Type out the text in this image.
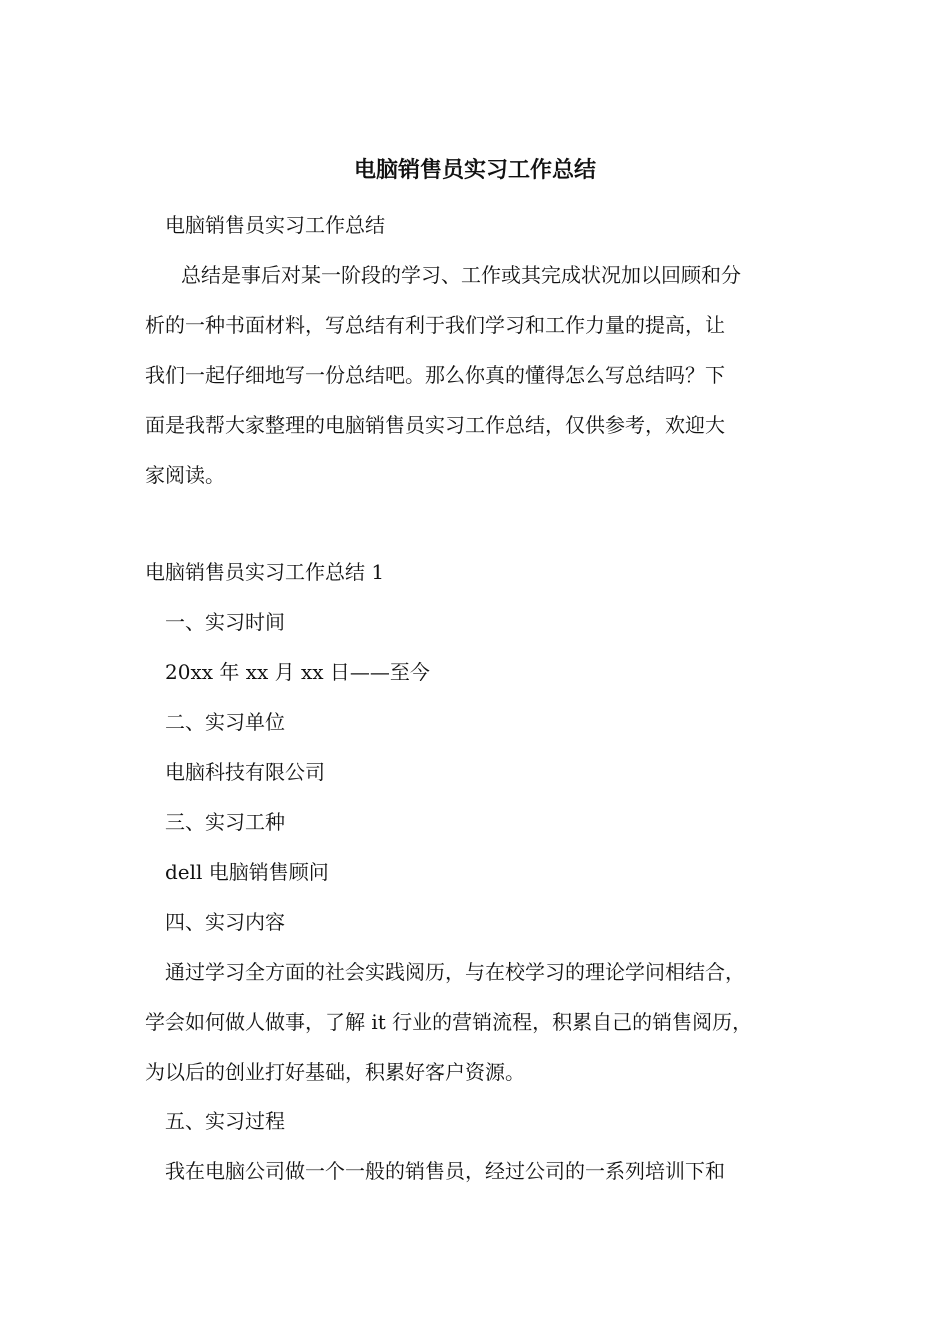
电脑销售员实习工作总结

电脑销售员实习工作总结

总结是事后对某一阶段的学习、工作或其完成状况加以回顾和分

析的一种书面材料，写总结有利于我们学习和工作力量的提高，让

我们一起仔细地写一份总结吧。那么你真的懂得怎么写总结吗？下

面是我帮大家整理的电脑销售员实习工作总结，仅供参考，欢迎大

家阅读。

电脑销售员实习工作总结 1

一、实习时间

20xx 年 xx 月 xx 日——至今

二、实习单位

电脑科技有限公司

三、实习工种

dell 电脑销售顾问

四、实习内容

通过学习全方面的社会实践阅历，与在校学习的理论学问相结合，

学会如何做人做事，了解 it 行业的营销流程，积累自己的销售阅历，

为以后的创业打好基础，积累好客户资源。

五、实习过程

我在电脑公司做一个一般的销售员，经过公司的一系列培训下和
